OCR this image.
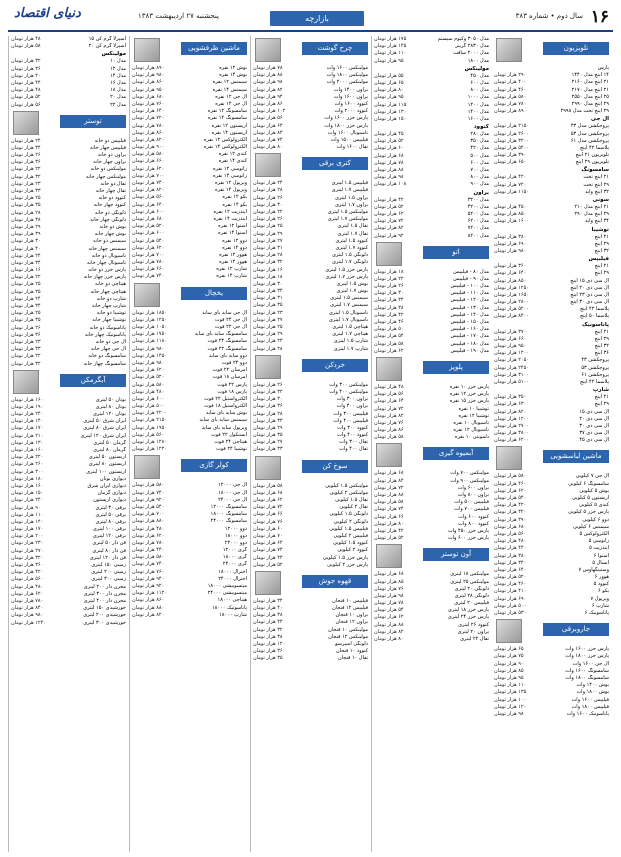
۱۶
سال دوم • شماره ۳۸۳
بازارچه
پنجشنبه ۲۷ اردیبهشت ۱۳۸۳
دنیای اقتصاد
تلویزیون
پارس
۱۴ اینچ مدل ۱۴۴۰
۲۹۰ هزار تومان
۲۱ اینچ مدل ۲۱۶۰
۴۰۰ هزار تومان
۲۱ اینچ مدل ۲۱۷۰
۴۶۰ هزار تومان
۲۵ اینچ مدل ۲۵۵۰
۵۸۰ هزار تومان
۲۹ اینچ مدل ۲۹۹۰
۷۸۰ هزار تومان
۲۹ اینچ تخت مدل ۲۹۹۸
۸۹۰ هزار تومان
ال جی
پروجکشن مدل ۴۳
۲۱۵۰ هزار تومان
پروجکشن مدل ۵۳
۲۶۰۰ هزار تومان
پروجکشن مدل ۶۱
۳۲۰۰ هزار تومان
پلاسما ۴۲ اینچ
۵۴۰۰ هزار تومان
تلویزیون ۲۱ اینچ
۳۹۰ هزار تومان
تلویزیون ۲۹ اینچ
۶۵۰ هزار تومان
سامسونگ
۲۱ اینچ تخت
۴۲۰ هزار تومان
۲۹ اینچ تخت
۷۲۰ هزار تومان
۳۲ اینچ واید
۱۱۵۰ هزار تومان
سونی
۲۱ اینچ مدل ۲۱۰
۴۵۰ هزار تومان
۲۹ اینچ مدل ۲۹۰
۸۵۰ هزار تومان
۳۴ اینچ واید
۱۶۰۰ هزار تومان
توشیبا
۲۱ اینچ
۳۸۰ هزار تومان
۲۹ اینچ
۶۹۰ هزار تومان
۳۲ اینچ
۹۸۰ هزار تومان
فیلیپس
۲۱ اینچ
۳۶۰ هزار تومان
۲۹ اینچ
۶۴۰ هزار تومان
ال سی دی ۱۵ اینچ
۸۵۰ هزار تومان
ال سی دی ۲۰ اینچ
۱۲۵۰ هزار تومان
ال سی دی ۲۳ اینچ
۱۶۵۰ هزار تومان
ال سی دی ۳۰ اینچ
۲۸۰۰ هزار تومان
پلاسما ۴۲ اینچ
۵۲۰۰ هزار تومان
پلاسما ۵۰ اینچ
۸۴۰۰ هزار تومان
پاناسونیک
۲۱ اینچ
۳۷۰ هزار تومان
۲۹ اینچ
۶۶۰ هزار تومان
۳۲ اینچ
۹۵۰ هزار تومان
۳۶ اینچ
۱۴۰۰ هزار تومان
پروجکشن ۴۳
۲۰۵۰ هزار تومان
پروجکشن ۵۳
۲۴۵۰ هزار تومان
پروجکشن ۶۱
۳۱۰۰ هزار تومان
پلاسما ۴۲ اینچ
۵۱۰۰ هزار تومان
شارپ
۲۱ اینچ
۳۵۰ هزار تومان
۲۹ اینچ
۶۳۰ هزار تومان
ال سی دی ۱۵
۸۲۰ هزار تومان
ال سی دی ۲۰
۱۲۰۰ هزار تومان
ال سی دی ۳۰
۲۷۰۰ هزار تومان
ال سی دی ۳۷
۳۸۰۰ هزار تومان
ال سی دی ۴۵
۶۲۰۰ هزار تومان
ماشین لباسشویی
ال جی ۷ کیلویی
۵۸۰ هزار تومان
سامسونگ ۶ کیلویی
۴۶۰ هزار تومان
بوش ۵ کیلویی
۶۲۰ هزار تومان
آریستون ۵ کیلویی
۵۴۰ هزار تومان
کندی ۵ کیلویی
۴۲۰ هزار تومان
پارس خزر ۵ کیلویی
۳۲۰ هزار تومان
دوو ۶ کیلویی
۳۹۰ هزار تومان
سیمنس ۶ کیلویی
۶۸۰ هزار تومان
الکترولوکس ۵
۵۶۰ هزار تومان
زانوسی ۵
۴۸۰ هزار تومان
ایندزیت ۵
۴۴۰ هزار تومان
اسنوا ۶
۳۸۰ هزار تومان
آبسال ۵
۳۴۰ هزار تومان
وستینگهاوس ۷
۶۴۰ هزار تومان
هوور ۶
۵۲۰ هزار تومان
کنوود ۵
۴۶۰ هزار تومان
بکو ۶
۴۱۰ هزار تومان
ویرپول ۷
۶۹۰ هزار تومان
شارپ ۶
۵۰۰ هزار تومان
پاناسونیک ۶
۵۳۰ هزار تومان
جاروبرقی
پارس خزر ۱۶۰۰ وات
۶۵ هزار تومان
پارس خزر ۱۸۰۰ وات
۷۵ هزار تومان
ال جی ۱۶۰۰ وات
۹۰ هزار تومان
سامسونگ ۱۶۰۰ وات
۸۵ هزار تومان
سامسونگ ۱۸۰۰ وات
۹۵ هزار تومان
بوش ۱۴۰۰ وات
۱۱۰ هزار تومان
بوش ۱۸۰۰ وات
۱۳۵ هزار تومان
فیلیپس ۱۶۰۰ وات
۱۰۰ هزار تومان
فیلیپس ۱۸۰۰ وات
۱۲۰ هزار تومان
پاناسونیک ۱۶۰۰ وات
۹۸ هزار تومان
مدل ۳۰۵۰ وکیوم سیستم
۱۷۵ هزار تومان
مدل ۲۸۳۰ گرینر
۱۴۵ هزار تومان
مدل ۲۰۰۰ سافت
۱۱۰ هزار تومان
مدل ۱۸۰۰
۹۵ هزار تومان
مولینکس
مدل ۴۵۰
۵۵ هزار تومان
مدل ۶۰۰
۶۵ هزار تومان
مدل ۸۰۰
۸۰ هزار تومان
مدل ۱۰۰۰
۹۵ هزار تومان
مدل ۱۲۰۰
۱۱۵ هزار تومان
مدل ۱۴۰۰
۱۳۰ هزار تومان
مدل ۱۶۰۰
۱۵۰ هزار تومان
کنوود
مدل ۲۸۰
۴۵ هزار تومان
مدل ۳۵۰
۵۲ هزار تومان
مدل ۴۲۰
۶۰ هزار تومان
مدل ۵۰۰
۶۸ هزار تومان
مدل ۶۰۰
۷۸ هزار تومان
مدل ۷۰۰
۸۸ هزار تومان
مدل ۸۰۰
۹۸ هزار تومان
مدل ۹۰۰
۱۰۸ هزار تومان
براون
مدل ۳۲۰۰
۴۲ هزار تومان
مدل ۴۲۰۰
۵۲ هزار تومان
مدل ۵۲۰۰
۶۲ هزار تومان
مدل ۶۲۰۰
۷۲ هزار تومان
مدل ۷۲۰۰
۸۲ هزار تومان
مدل ۸۲۰۰
۹۲ هزار تومان
اتو
مدل ۸۰ - فیلیپس
۱۸ هزار تومان
مدل ۹۰ - فیلیپس
۲۲ هزار تومان
مدل ۱۰۰ - فیلیپس
۲۶ هزار تومان
مدل ۱۱۰ - فیلیپس
۳۰ هزار تومان
مدل ۱۲۰ - فیلیپس
۳۴ هزار تومان
مدل ۱۳۰ - فیلیپس
۳۸ هزار تومان
مدل ۱۴۰ - فیلیپس
۴۲ هزار تومان
مدل ۱۵۰ - فیلیپس
۴۶ هزار تومان
مدل ۱۶۰ - فیلیپس
۵۰ هزار تومان
مدل ۱۷۰ - فیلیپس
۵۴ هزار تومان
مدل ۱۸۰ - فیلیپس
۵۸ هزار تومان
مدل ۱۹۰ - فیلیپس
۶۲ هزار تومان
پلوپز
پارس خزر ۱۰ نفره
۴۸ هزار تومان
پارس خزر ۱۲ نفره
۵۶ هزار تومان
پارس خزر ۱۵ نفره
۶۴ هزار تومان
توشیبا ۱۰ نفره
۷۲ هزار تومان
توشیبا ۱۲ نفره
۸۲ هزار تومان
ناسیونال ۱۰ نفره
۷۶ هزار تومان
ناسیونال ۱۲ نفره
۸۶ هزار تومان
دلمونتی ۱۰ نفره
۵۸ هزار تومان
آبمیوه گیری
مولینکس ۷۰۰ وات
۶۸ هزار تومان
مولینکس ۹۰۰ وات
۸۴ هزار تومان
براون ۶۰۰ وات
۷۲ هزار تومان
براون ۸۰۰ وات
۸۸ هزار تومان
فیلیپس ۵۰۰ وات
۵۸ هزار تومان
فیلیپس ۷۰۰ وات
۷۴ هزار تومان
کنوود ۶۰۰ وات
۶۶ هزار تومان
کنوود ۸۰۰ وات
۸۰ هزار تومان
پارس خزر ۴۵۰ وات
۴۲ هزار تومان
پارس خزر ۶۰۰ وات
۵۲ هزار تومان
آون توستر
مولینکس ۱۸ لیتری
۶۸ هزار تومان
مولینکس ۲۵ لیتری
۸۵ هزار تومان
دلونگی ۲۰ لیتری
۷۶ هزار تومان
دلونگی ۲۸ لیتری
۹۸ هزار تومان
فیلیپس ۲۰ لیتری
۷۸ هزار تومان
پارس خزر ۱۸ لیتری
۵۴ هزار تومان
پارس خزر ۲۴ لیتری
۶۲ هزار تومان
کنوود ۲۶ لیتری
۸۸ هزار تومان
براون ۲۰ لیتری
۸۲ هزار تومان
تفال ۲۲ لیتری
۸۰ هزار تومان
چرخ گوشت
مولینکس ۱۶۰۰ وات
۷۸ هزار تومان
مولینکس ۱۸۰۰ وات
۸۸ هزار تومان
مولینکس ۲۰۰۰ وات
۹۸ هزار تومان
براون ۱۴۰۰ وات
۸۲ هزار تومان
براون ۱۶۰۰ وات
۹۴ هزار تومان
کنوود ۱۶۰۰ وات
۸۶ هزار تومان
کنوود ۲۰۰۰ وات
۱۰۲ هزار تومان
پارس خزر ۱۶۰۰ وات
۵۶ هزار تومان
پارس خزر ۱۸۰۰ وات
۶۴ هزار تومان
ناسیونال ۱۶۰۰ وات
۸۴ هزار تومان
فیلیپس ۱۵۰۰ وات
۷۴ هزار تومان
تفال ۱۶۰۰ وات
۸۰ هزار تومان
کتری برقی
فیلیپس ۱.۵ لیتری
۲۴ هزار تومان
فیلیپس ۱.۷ لیتری
۲۸ هزار تومان
براون ۱.۵ لیتری
۲۶ هزار تومان
براون ۱.۷ لیتری
۳۰ هزار تومان
مولینکس ۱.۵ لیتری
۲۲ هزار تومان
مولینکس ۱.۷ لیتری
۲۶ هزار تومان
تفال ۱.۵ لیتری
۲۵ هزار تومان
تفال ۱.۷ لیتری
۲۹ هزار تومان
کنوود ۱.۵ لیتری
۲۷ هزار تومان
کنوود ۱.۷ لیتری
۳۱ هزار تومان
دلونگی ۱.۵ لیتری
۲۸ هزار تومان
دلونگی ۱.۷ لیتری
۳۲ هزار تومان
پارس خزر ۱.۵ لیتری
۱۶ هزار تومان
پارس خزر ۱.۷ لیتری
۱۸ هزار تومان
بوش ۱.۵ لیتری
۳۰ هزار تومان
بوش ۱.۷ لیتری
۳۴ هزار تومان
سیمنس ۱.۵ لیتری
۳۱ هزار تومان
سیمنس ۱.۷ لیتری
۳۵ هزار تومان
ناسیونال ۱.۵ لیتری
۲۳ هزار تومان
ناسیونال ۱.۷ لیتری
۲۷ هزار تومان
هیتاچی ۱.۵ لیتری
۲۵ هزار تومان
هیتاچی ۱.۷ لیتری
۲۹ هزار تومان
شارپ ۱.۵ لیتری
۲۴ هزار تومان
شارپ ۱.۷ لیتری
۲۸ هزار تومان
خردکن
مولینکس ۳۰۰ وات
۲۶ هزار تومان
مولینکس ۴۰۰ وات
۳۲ هزار تومان
براون ۳۰۰ وات
۳۰ هزار تومان
براون ۴۰۰ وات
۳۶ هزار تومان
فیلیپس ۳۰۰ وات
۲۸ هزار تومان
فیلیپس ۴۰۰ وات
۳۴ هزار تومان
کنوود ۳۰۰ وات
۲۹ هزار تومان
کنوود ۴۰۰ وات
۳۵ هزار تومان
تفال ۳۰۰ وات
۲۷ هزار تومان
تفال ۴۰۰ وات
۳۳ هزار تومان
سوخ کن
مولینکس ۱.۵ کیلویی
۵۸ هزار تومان
مولینکس ۲ کیلویی
۶۸ هزار تومان
تفال ۱.۵ کیلویی
۶۲ هزار تومان
تفال ۲ کیلویی
۷۲ هزار تومان
دلونگی ۱.۵ کیلویی
۶۶ هزار تومان
دلونگی ۲ کیلویی
۷۶ هزار تومان
فیلیپس ۱.۵ کیلویی
۶۰ هزار تومان
فیلیپس ۲ کیلویی
۷۰ هزار تومان
کنوود ۱.۵ کیلویی
۶۴ هزار تومان
کنوود ۲ کیلویی
۷۴ هزار تومان
پارس خزر ۱.۵ کیلویی
۴۴ هزار تومان
پارس خزر ۲ کیلویی
۵۲ هزار تومان
قهوه جوش
فیلیپس ۱۰ فنجان
۳۴ هزار تومان
فیلیپس ۱۲ فنجان
۴۰ هزار تومان
براون ۱۰ فنجان
۳۸ هزار تومان
براون ۱۲ فنجان
۴۴ هزار تومان
مولینکس ۱۰ فنجان
۳۲ هزار تومان
مولینکس ۱۲ فنجان
۳۸ هزار تومان
دلونگی اسپرسو
۱۲۰ هزار تومان
کنوود ۱۰ فنجان
۳۶ هزار تومان
تفال ۱۰ فنجان
۳۵ هزار تومان
ماشین ظرفشویی
بوش ۱۲ نفره
۸۹۰ هزار تومان
بوش ۱۴ نفره
۹۸۰ هزار تومان
سیمنس ۱۲ نفره
۸۶۰ هزار تومان
سیمنس ۱۴ نفره
۹۵۰ هزار تومان
ال جی ۱۲ نفره
۶۸۰ هزار تومان
ال جی ۱۴ نفره
۷۶۰ هزار تومان
سامسونگ ۱۲ نفره
۶۴۰ هزار تومان
سامسونگ ۱۴ نفره
۷۲۰ هزار تومان
آریستون ۱۲ نفره
۷۸۰ هزار تومان
آریستون ۱۴ نفره
۸۶۰ هزار تومان
الکترولوکس ۱۲ نفره
۸۲۰ هزار تومان
الکترولوکس ۱۴ نفره
۹۰۰ هزار تومان
کندی ۱۲ نفره
۵۸۰ هزار تومان
کندی ۱۴ نفره
۶۶۰ هزار تومان
زانوسی ۱۲ نفره
۶۲۰ هزار تومان
زانوسی ۱۴ نفره
۷۰۰ هزار تومان
ویرپول ۱۲ نفره
۷۴۰ هزار تومان
ویرپول ۱۴ نفره
۸۲۰ هزار تومان
بکو ۱۲ نفره
۵۶۰ هزار تومان
بکو ۱۴ نفره
۶۴۰ هزار تومان
ایندزیت ۱۲ نفره
۶۰۰ هزار تومان
ایندزیت ۱۴ نفره
۶۸۰ هزار تومان
اسنوا ۱۲ نفره
۵۲۰ هزار تومان
اسنوا ۱۴ نفره
۶۰۰ هزار تومان
دوو ۱۲ نفره
۵۴۰ هزار تومان
دوو ۱۴ نفره
۶۲۰ هزار تومان
هوور ۱۲ نفره
۷۰۰ هزار تومان
هوور ۱۴ نفره
۷۸۰ هزار تومان
شارپ ۱۲ نفره
۶۶۰ هزار تومان
شارپ ۱۴ نفره
۷۴۰ هزار تومان
یخچال
ال جی ساید بای ساید
۱۸۵۰ هزار تومان
ال جی ۲۴ فوت
۱۲۵۰ هزار تومان
ال جی ۲۲ فوت
۱۰۵۰ هزار تومان
سامسونگ ساید بای ساید
۱۷۵۰ هزار تومان
سامسونگ ۲۴ فوت
۱۱۸۰ هزار تومان
سامسونگ ۲۲ فوت
۹۸۰ هزار تومان
دوو ساید بای ساید
۱۴۵۰ هزار تومان
دوو ۲۴ فوت
۹۸۰ هزار تومان
امرسان ۲۲ فوت
۶۲۰ هزار تومان
امرسان ۱۸ فوت
۵۲۰ هزار تومان
پارس ۲۲ فوت
۵۸۰ هزار تومان
پارس ۱۸ فوت
۴۸۰ هزار تومان
الکترواستیل ۲۲ فوت
۶۰۰ هزار تومان
الکترواستیل ۱۸ فوت
۵۰۰ هزار تومان
بوش ساید بای ساید
۲۲۰۰ هزار تومان
سیمنس ساید بای ساید
۲۱۵۰ هزار تومان
ویرپول ساید بای ساید
۱۹۵۰ هزار تومان
ایستکول ۲۲ فوت
۵۶۰ هزار تومان
هیتاچی ۲۴ فوت
۱۲۸۰ هزار تومان
توشیبا ۲۴ فوت
۱۲۲۰ هزار تومان
کولر گازی
ال جی ۱۲۰۰۰
۵۸۰ هزار تومان
ال جی ۱۸۰۰۰
۷۴۰ هزار تومان
ال جی ۲۴۰۰۰
۹۲۰ هزار تومان
سامسونگ ۱۲۰۰۰
۵۴۰ هزار تومان
سامسونگ ۱۸۰۰۰
۷۰۰ هزار تومان
سامسونگ ۲۴۰۰۰
۸۸۰ هزار تومان
دوو ۱۲۰۰۰
۴۸۰ هزار تومان
دوو ۱۸۰۰۰
۶۲۰ هزار تومان
دوو ۲۴۰۰۰
۷۸۰ هزار تومان
گری ۱۲۰۰۰
۴۴۰ هزار تومان
گری ۱۸۰۰۰
۵۸۰ هزار تومان
گری ۲۴۰۰۰
۷۴۰ هزار تومان
اجنرال ۱۸۰۰۰
۷۶۰ هزار تومان
اجنرال ۲۴۰۰۰
۹۴۰ هزار تومان
میتسوبیشی ۱۸۰۰۰
۹۲۰ هزار تومان
میتسوبیشی ۲۴۰۰۰
۱۱۲۰ هزار تومان
هیتاچی ۱۸۰۰۰
۸۶۰ هزار تومان
پاناسونیک ۱۸۰۰۰
۸۸۰ هزار تومان
شارپ ۱۸۰۰۰
۸۲۰ هزار تومان
آسپرلا گرم کن ۱۵
۴۸ هزار تومان
آسپرلا گرم کن ۲۰
۵۸ هزار تومان
مولینکس
مدل ۱۰
۳۲ هزار تومان
مدل ۱۲
۳۶ هزار تومان
مدل ۱۴
۴۰ هزار تومان
مدل ۱۶
۴۴ هزار تومان
مدل ۱۸
۴۸ هزار تومان
مدل ۲۰
۵۲ هزار تومان
مدل ۲۲
۵۶ هزار تومان
توستر
فیلیپس دو خانه
۲۴ هزار تومان
فیلیپس چهار خانه
۳۴ هزار تومان
براون دو خانه
۲۶ هزار تومان
براون چهار خانه
۳۶ هزار تومان
مولینکس دو خانه
۲۲ هزار تومان
مولینکس چهار خانه
۳۲ هزار تومان
تفال دو خانه
۲۳ هزار تومان
تفال چهار خانه
۳۳ هزار تومان
کنوود دو خانه
۲۵ هزار تومان
کنوود چهار خانه
۳۵ هزار تومان
دلونگی دو خانه
۲۸ هزار تومان
دلونگی چهار خانه
۳۸ هزار تومان
بوش دو خانه
۲۹ هزار تومان
بوش چهار خانه
۳۹ هزار تومان
سیمنس دو خانه
۳۰ هزار تومان
سیمنس چهار خانه
۴۰ هزار تومان
ناسیونال دو خانه
۲۴ هزار تومان
ناسیونال چهار خانه
۳۴ هزار تومان
پارس خزر دو خانه
۱۶ هزار تومان
پارس خزر چهار خانه
۲۲ هزار تومان
هیتاچی دو خانه
۲۵ هزار تومان
هیتاچی چهار خانه
۳۵ هزار تومان
شارپ دو خانه
۲۴ هزار تومان
شارپ چهار خانه
۳۴ هزار تومان
توشیبا دو خانه
۲۵ هزار تومان
توشیبا چهار خانه
۳۵ هزار تومان
پاناسونیک دو خانه
۲۶ هزار تومان
پاناسونیک چهار خانه
۳۶ هزار تومان
ال جی دو خانه
۲۳ هزار تومان
ال جی چهار خانه
۳۳ هزار تومان
سامسونگ دو خانه
۲۲ هزار تومان
سامسونگ چهار خانه
۳۲ هزار تومان
آبگرمکن
بوتان ۵۰ لیتری
۱۶۰ هزار تومان
بوتان ۸۰ لیتری
۱۹۰ هزار تومان
بوتان ۱۲۰ لیتری
۲۴۰ هزار تومان
ایران شرق ۵۰ لیتری
۱۴۰ هزار تومان
ایران شرق ۸۰ لیتری
۱۷۰ هزار تومان
ایران شرق ۱۲۰ لیتری
۲۱۰ هزار تومان
گرمان ۵۰ لیتری
۱۳۰ هزار تومان
گرمان ۸۰ لیتری
۱۶۰ هزار تومان
آریستون ۵۰ لیتری
۲۲۰ هزار تومان
آریستون ۸۰ لیتری
۲۶۰ هزار تومان
آریستون ۱۰۰ لیتری
۳۰۰ هزار تومان
دیواری بوتان
۱۸۰ هزار تومان
دیواری ایران شرق
۱۶۰ هزار تومان
دیواری گرمان
۱۵۰ هزار تومان
دیواری آریستون
۲۴۰ هزار تومان
برقی ۳۰ لیتری
۹۰ هزار تومان
برقی ۵۰ لیتری
۱۱۰ هزار تومان
برقی ۸۰ لیتری
۱۴۰ هزار تومان
برقی ۱۰۰ لیتری
۱۷۰ هزار تومان
برقی ۱۲۰ لیتری
۲۰۰ هزار تومان
فن دار ۵۰ لیتری
۲۳۰ هزار تومان
فن دار ۸۰ لیتری
۲۷۰ هزار تومان
فن دار ۱۲۰ لیتری
۳۲۰ هزار تومان
زمینی ۱۵۰ لیتری
۳۶۰ هزار تومان
زمینی ۲۰۰ لیتری
۴۲۰ هزار تومان
زمینی ۳۰۰ لیتری
۵۶۰ هزار تومان
مخزن دار ۲۰۰ لیتری
۴۸۰ هزار تومان
مخزن دار ۳۰۰ لیتری
۶۲۰ هزار تومان
مخزن دار ۴۰۰ لیتری
۷۸۰ هزار تومان
خورشیدی ۱۵۰ لیتری
۸۴۰ هزار تومان
خورشیدی ۲۰۰ لیتری
۹۸۰ هزار تومان
خورشیدی ۳۰۰ لیتری
۱۲۴۰ هزار تومان
